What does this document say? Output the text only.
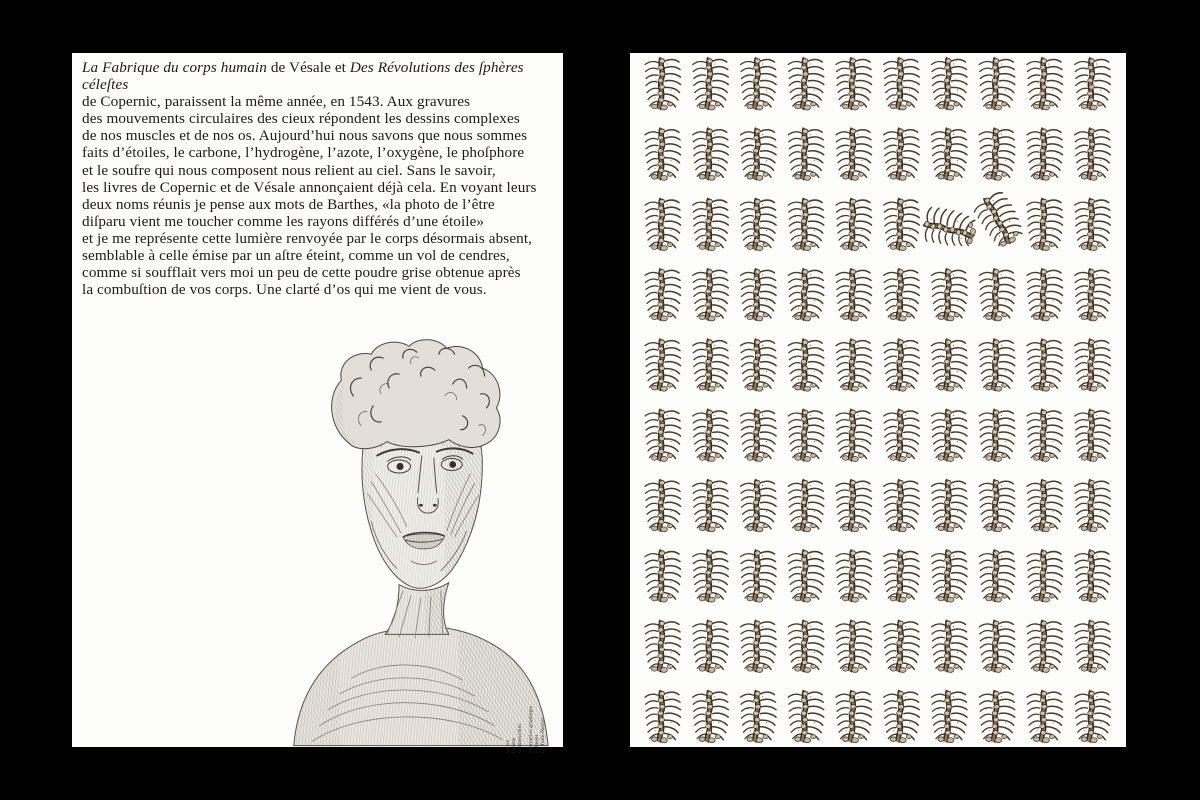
La Fabrique du corps humain de Vésale et Des Révolutions des ſphères céleſtes
de Copernic, paraissent la même année, en 1543. Aux gravures
des mouvements circulaires des cieux répondent les dessins complexes
de nos muscles et de nos os. Aujourd’hui nous savons que nous sommes
faits d’étoiles, le carbone, l’hydrogène, l’azote, l’oxygène, le phoſphore
et le soufre qui nous composent nous relient au ciel. Sans le savoir,
les livres de Copernic et de Vésale annonçaient déjà cela. En voyant leurs
deux noms réunis je pense aux mots de Barthes, «la photo de l’être
diſparu vient me toucher comme les rayons différés d’une étoile»
et je me représente cette lumière renvoyée par le corps désormais absent,
semblable à celle émise par un aſtre éteint, comme un vol de cendres,
comme si soufflait vers moi un peu de cette poudre grise obtenue après
la combuſtion de vos corps. Une clarté d’os qui me vient de vous.
textes Hélène Giannecchini conception graphique Clément Le Tulle-Neyret
